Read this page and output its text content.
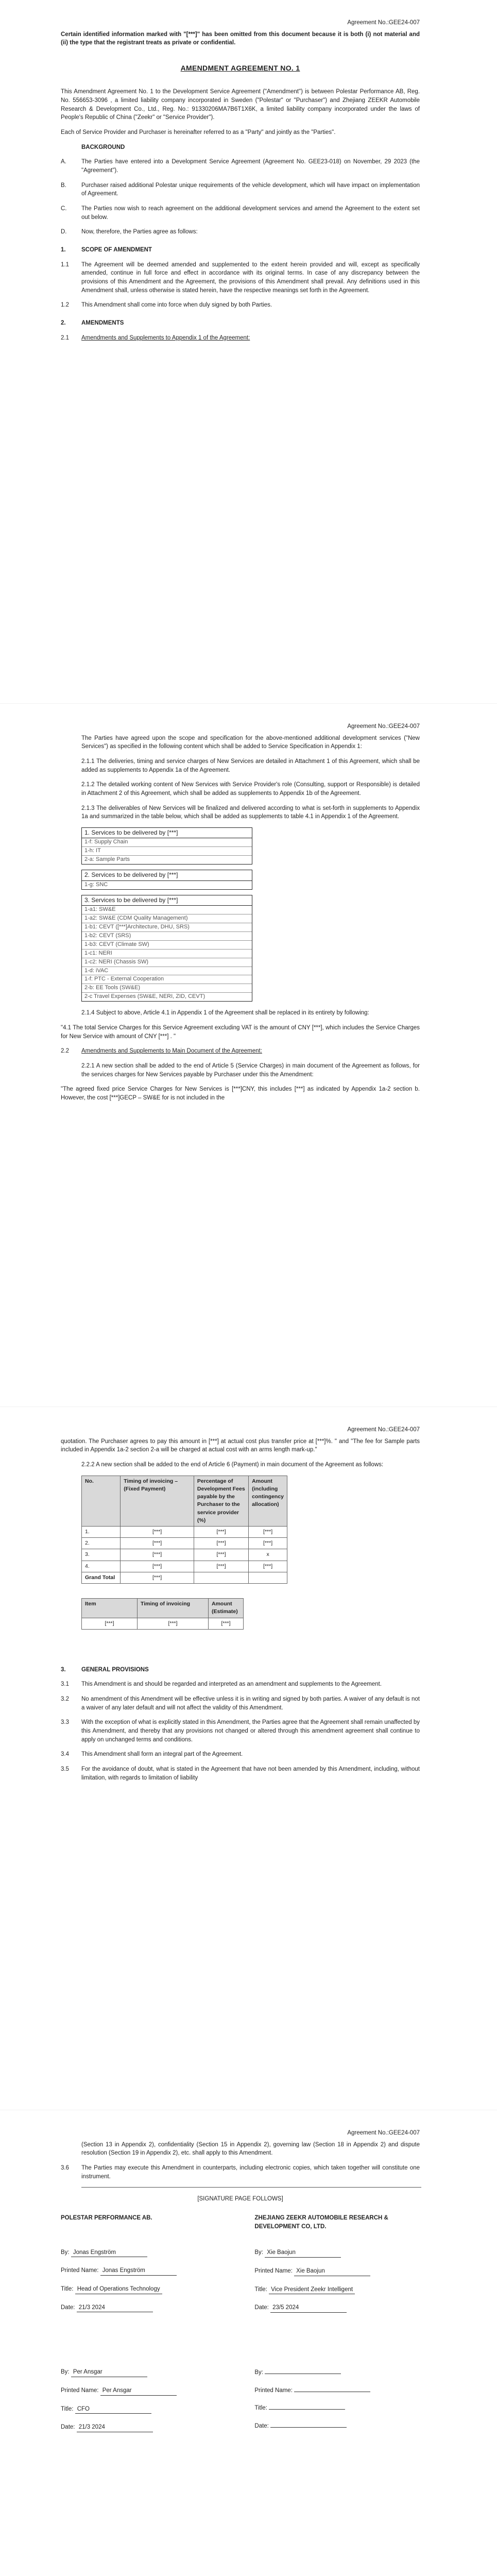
Agreement No.:GEE24-007

Certain identified information marked with "[***]" has been omitted from this document because it is both (i) not material and (ii) the type that the registrant treats as private or confidential.

AMENDMENT AGREEMENT NO. 1

This Amendment Agreement No. 1 to the Development Service Agreement ("Amendment") is between Polestar Performance AB, Reg. No. 556653-3096 , a limited liability company incorporated in Sweden ("Polestar" or "Purchaser") and Zhejiang ZEEKR Automobile Research & Development Co., Ltd., Reg. No.: 91330206MA7B6T1X6K, a limited liability company incorporated under the laws of People's Republic of China ("Zeekr" or "Service Provider").

Each of Service Provider and Purchaser is hereinafter referred to as a "Party" and jointly as the "Parties".

BACKGROUND
A.	The Parties have entered into a Development Service Agreement (Agreement No. GEE23-018) on November, 29 2023 (the "Agreement").
B.	Purchaser raised additional Polestar unique requirements of the vehicle development, which will have impact on implementation of Agreement.
C.	The Parties now wish to reach agreement on the additional development services and amend the Agreement to the extent set out below.
D.	Now, therefore, the Parties agree as follows:
1.	SCOPE OF AMENDMENT
1.1	The Agreement will be deemed amended and supplemented to the extent herein provided and will, except as specifically amended, continue in full force and effect in accordance with its original terms. In case of any discrepancy between the provisions of this Amendment and the Agreement, the provisions of this Amendment shall prevail. Any definitions used in this Amendment shall, unless otherwise is stated herein, have the respective meanings set forth in the Agreement.
1.2	This Amendment shall come into force when duly signed by both Parties.
2.	AMENDMENTS
2.1	Amendments and Supplements to Appendix 1 of the Agreement:
Agreement No.:GEE24-007

The Parties have agreed upon the scope and specification for the above-mentioned additional development services ("New Services") as specified in the following content which shall be added to Service Specification in Appendix 1:

2.1.1 The deliveries, timing and service charges of New Services are detailed in Attachment 1 of this Agreement, which shall be added as supplements to Appendix 1a of the Agreement.

2.1.2 The detailed working content of New Services with Service Provider's role (Consulting, support or Responsible) is detailed in Attachment 2 of this Agreement, which shall be added as supplements to Appendix 1b of the Agreement.

2.1.3 The deliverables of New Services will be finalized and delivered according to what is set-forth in supplements to Appendix 1a and summarized in the table below, which shall be added as supplements to table 4.1 in Appendix 1 of the Agreement.

1. Services to be delivered by [***]
1-f: Supply Chain
1-h: IT
2-a: Sample Parts
2. Services to be delivered by [***]
1-g: SNC
3. Services to be delivered by [***]
1-a1: SW&E
1-a2: SW&E (CDM Quality Management)
1-b1: CEVT ([***]Architecture, DHU, SRS)
1-b2: CEVT (SRS)
1-b3: CEVT (Climate SW)
1-c1: NERI
1-c2: NERI (Chassis SW)
1-d: iVAC
1-f: PTC - External Cooperation
2-b: EE Tools (SW&E)
2-c Travel Expenses (SW&E, NERI, ZID, CEVT)

2.1.4 Subject to above, Article 4.1 in Appendix 1 of the Agreement shall be replaced in its entirety by following:

"4.1 The total Service Charges for this Service Agreement excluding VAT is the amount of CNY [***], which includes the Service Charges for New Service with amount of CNY [***] . "

2.2	Amendments and Supplements to Main Document of the Agreement:

2.2.1 A new section shall be added to the end of Article 5 (Service Charges) in main document of the Agreement as follows, for the services charges for New Services payable by Purchaser under this the Amendment:

"The agreed fixed price Service Charges for New Services is [***]CNY, this includes [***] as indicated by Appendix 1a-2 section b. However, the cost [***]GECP – SW&E for is not included in the

Agreement No.:GEE24-007

quotation. The Purchaser agrees to pay this amount in [***] at actual cost plus transfer price at [***]%. " and "The fee for Sample parts included in Appendix 1a-2 section 2-a will be charged at actual cost with an arms length mark-up."

2.2.2 A new section shall be added to the end of Article 6 (Payment) in main document of the Agreement as follows:

No.	Timing of invoicing – (Fixed Payment)	Percentage of Development Fees payable by the Purchaser to the service provider (%)	Amount (including contingency allocation)
1.	[***]	[***]	[***]
2.	[***]	[***]	[***]
3.	[***]	[***]	x
4.	[***]	[***]	[***]
Grand Total	[***]		
Item	Timing of invoicing	Amount (Estimate)
[***]	[***]	[***]
3.	GENERAL PROVISIONS
3.1	This Amendment is and should be regarded and interpreted as an amendment and supplements to the Agreement.
3.2	No amendment of this Amendment will be effective unless it is in writing and signed by both parties. A waiver of any default is not a waiver of any later default and will not affect the validity of this Amendment.
3.3	With the exception of what is explicitly stated in this Amendment, the Parties agree that the Agreement shall remain unaffected by this Amendment, and thereby that any provisions not changed or altered through this amendment agreement shall continue to apply on unchanged terms and conditions.
3.4	This Amendment shall form an integral part of the Agreement.
3.5	For the avoidance of doubt, what is stated in the Agreement that have not been amended by this Amendment, including, without limitation, with regards to limitation of liability
Agreement No.:GEE24-007

(Section 13 in Appendix 2), confidentiality (Section 15 in Appendix 2), governing law (Section 18 in Appendix 2) and dispute resolution (Section 19 in Appendix 2), etc. shall apply to this Amendment.

3.6	The Parties may execute this Amendment in counterparts, including electronic copies, which taken together will constitute one instrument.
[SIGNATURE PAGE FOLLOWS]
POLESTAR PERFORMANCE AB.
By: Jonas Engström
Printed Name: Jonas Engström
Title: Head of Operations Technology
Date: 21/3 2024
By: Per Ansgar
Printed Name: Per Ansgar
Title: CFO
Date: 21/3 2024
ZHEJIANG ZEEKR AUTOMOBILE RESEARCH & DEVELOPMENT CO, LTD.
By: Xie Baojun
Printed Name: Xie Baojun
Title: Vice President Zeekr Intelligent
Date: 23/5 2024
By:
Printed Name:
Title:
Date:
